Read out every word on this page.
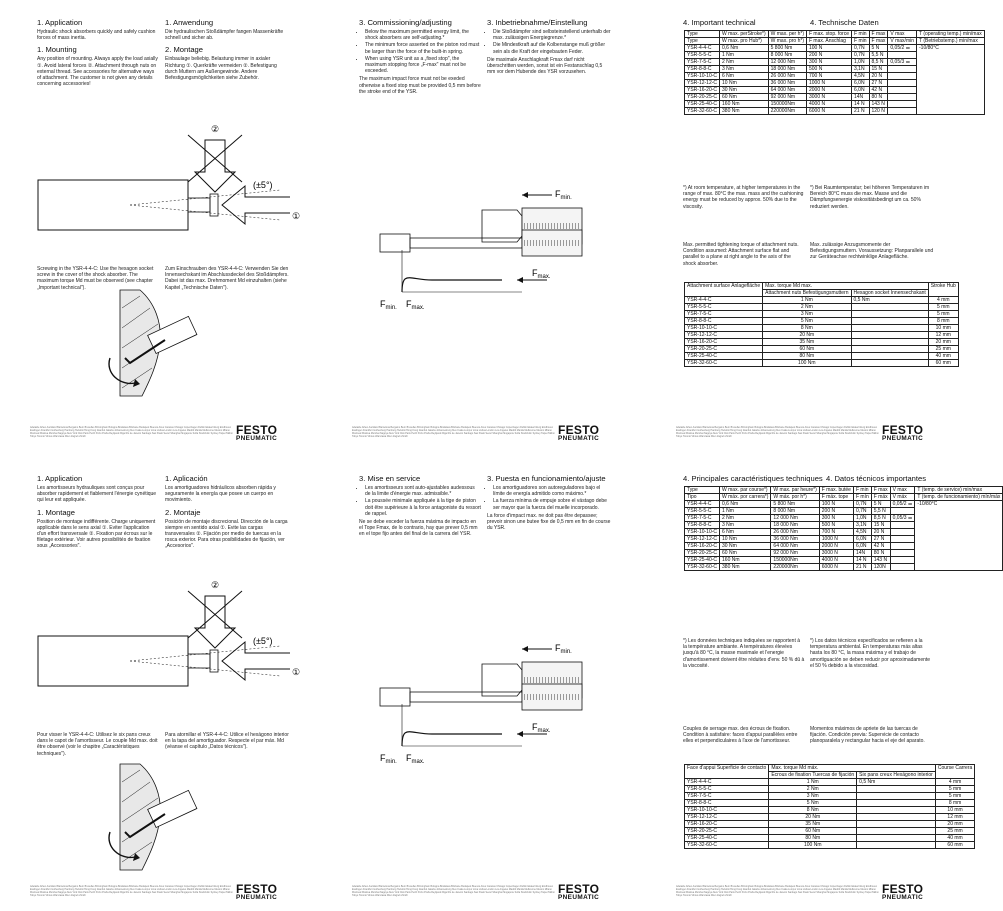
1. Application

Hydraulic shock absorbers quickly and safely cushion forces of mass inertia.

1. Mounting

Any position of mounting. Always apply the load axially ①. Avoid lateral forces ②. Attachment through nuts on external thread. See accessories for alternative ways of attachment. The customer is not given any details concerning accessories!

1. Anwendung

Die hydraulischen Stoßdämpfer fangen Massenkräfte schnell und sicher ab.

2. Montage

Einbaulage beliebig. Belastung immer in axialer Richtung ①. Querkräfte vermeiden ②. Befestigung durch Muttern am Außengewinde. Andere Befestigungsmöglichkeiten siehe Zubehör.

②
(±5°)
①

Screwing in the YSR-4-4-C: Use the hexagon socket screw in the cover of the shock absorber. The maximum torque Md must be observed (see chapter „Important technical").

Zum Einschrauben des YSR-4-4-C: Verwenden Sie den Innensechskant im Abschlussdeckel des Stoßdämpfers. Dabei ist das max. Drehmoment Md einzuhalten (siehe Kapitel „Technische Daten").

Adelaide Athen Auckland Barcelona Bergamo Bern Bruxelles Birmingham Bologna Bratislava Brisbane Budapest Buenos Aires Caracas Chicago Copenhagen Dublin Ekaterinburg Eindhoven Esslingen Frankfurt Gothenburg Hamburg Helsinki Hong Kong Istanbul Jakarta Johannesburg Kiev Kuala Lumpur Lima Lisboa London Los Angeles Madrid Manila Melbourne Mexico Milano Montreal Moskva Mumbai Nagoya New York Oslo Paris Perth Porto Praha Reykjavik Riga Rio de Janeiro Santiago Sao Paulo Seoul Shanghai Singapore Sofia Stockholm Sydney Taipei Tallinn Tokyo Toronto Vilnius Warszawa Wien Zagreb Zürich	FESTO
PNEUMATIC
3. Commissioning/adjusting
• Below the maximum permitted energy limit, the shock absorbers are self-adjusting.*
• The minimum force asserted on the piston rod must be larger than the force of the built-in spring.
• When using YSR unit as a „fixed stop", the maximum stopping force „F-max" must not be exceeded.

The maximum impact force must not be exeded otherwise a fixed stop must be provided 0,5 mm before the stroke end of the YSR.

3. Inbetriebnahme/Einstellung
• Die Stoßdämpfer sind selbsteinstellend unterhalb der max. zulässigen Energiegrenze.*
• Die Mindestkraft auf die Kolbenstange muß größer sein als die Kraft der eingebauten Feder.

Die maximale Anschlagkraft Fmax darf nicht überschritten werden, sonst ist ein Festanschlag 0,5 mm vor dem Hubende des YSR vorzusehen.

$F_{min.}$
$F_{max.}$
$F_{min.}$ $F_{max.}$
Adelaide Athen Auckland Barcelona Bergamo Bern Bruxelles Birmingham Bologna Bratislava Brisbane Budapest Buenos Aires Caracas Chicago Copenhagen Dublin Ekaterinburg Eindhoven Esslingen Frankfurt Gothenburg Hamburg Helsinki Hong Kong Istanbul Jakarta Johannesburg Kiev Kuala Lumpur Lima Lisboa London Los Angeles Madrid Manila Melbourne Mexico Milano Montreal Moskva Mumbai Nagoya New York Oslo Paris Perth Porto Praha Reykjavik Riga Rio de Janeiro Santiago Sao Paulo Seoul Shanghai Singapore Sofia Stockholm Sydney Taipei Tallinn Tokyo Toronto Vilnius Warszawa Wien Zagreb Zürich	FESTO
PNEUMATIC
4. Important technical	4. Technische Daten
Type	W max. perStroke*)	W max. per h*)	F max. stop. force	F min	F max	V max	T (operating temp.) min/max
Type	W max. pro Hub*)	W max. pro h*)	F max. Anschlag	F min	F max	V max/min	T (Betriebstemp.) min/max
YSR-4-4-C	0,6 Nm	5 800 Nm	100 N	0,7N	5 N	0,05/2 ⚌	-10/80°C
YSR-5-5-C	1 Nm	8 000 Nm	200 N	0,7N	5,5 N		
YSR-7-5-C	2 Nm	12 000 Nm	300 N	1,0N	8,5 N	0,05/3 ⚌	
YSR-8-8-C	3 Nm	18 000 Nm	500 N	3,1N	15 N		
YSR-10-10-C	6 Nm	26 000 Nm	700 N	4,5N	20 N		
YSR-12-12-C	10 Nm	36 000 Nm	1000 N	6,0N	27 N		
YSR-16-20-C	30 Nm	64 000 Nm	2000 N	6,0N	42 N		
YSR-20-25-C	60 Nm	92 000 Nm	3000 N	14N	80 N		
YSR-25-40-C	160 Nm	150000Nm	4000 N	14 N	143 N		
YSR-32-60-C	380 Nm	220000Nm	6000 N	21 N	120 N		
*) At room temperature, at higher temperatures in the range of max. 80°C the max. mass and the cushioning energy must be reduced by approx. 50% due to the viscosity.
*) Bei Raumtemperatur; bei höheren Temperaturen im Bereich 80°C muss die max. Masse und die Dämpfungsenergie viskositätsbedingt um ca. 50% reduziert werden.
Max. permitted tightening torque of attachment nuts. Condition assumed: Attachment surface flat and parallel to a plane at right angle to the axis of the shock absorber.
Max. zulässige Anzugsmomente der Befestigungsmuttern. Voraussetzung: Planparallele und zur Geräteachse rechtwinklige Anlagefläche.
Attachment surface Anlagefläche	Max. torque Md max.		Stroke Hub
	Attachment nuts Befestigungsmuttern	Hexagon socket Innensechskant	
YSR-4-4-C	1 Nm	0,5 Nm	4 mm
YSR-5-5-C	2 Nm		5 mm
YSR-7-5-C	3 Nm		5 mm
YSR-8-8-C	5 Nm		8 mm
YSR-10-10-C	8 Nm		10 mm
YSR-12-12-C	20 Nm		12 mm
YSR-16-20-C	35 Nm		20 mm
YSR-20-25-C	60 Nm		25 mm
YSR-25-40-C	80 Nm		40 mm
YSR-32-60-C	100 Nm		60 mm
Adelaide Athen Auckland Barcelona Bergamo Bern Bruxelles Birmingham Bologna Bratislava Brisbane Budapest Buenos Aires Caracas Chicago Copenhagen Dublin Ekaterinburg Eindhoven Esslingen Frankfurt Gothenburg Hamburg Helsinki Hong Kong Istanbul Jakarta Johannesburg Kiev Kuala Lumpur Lima Lisboa London Los Angeles Madrid Manila Melbourne Mexico Milano Montreal Moskva Mumbai Nagoya New York Oslo Paris Perth Porto Praha Reykjavik Riga Rio de Janeiro Santiago Sao Paulo Seoul Shanghai Singapore Sofia Stockholm Sydney Taipei Tallinn Tokyo Toronto Vilnius Warszawa Wien Zagreb Zürich	FESTO
PNEUMATIC
1. Application

Les amortisseurs hydrauliques sont conçus pour absorber rapidement et fiablement l'énergie cynétique qui leur est appliquée.

1. Montage

Position de montage indifférente. Charge uniquement applicable dans le sens axial ①. Eviter l'application d'un effort transversale ②. Fixation par écrous sur le filetage extérieur. Voir autres possibilités de fixation sous „Accessories".

1. Aplicación

Los amortiguadores hidráulicos absorben rápida y seguramente la energía que posee un cuerpo en movimiento.

2. Montaje

Posición de montaje discrecional. Dirección de la carga siempre en sentido axial ①. Evite las cargas transversales ②. Fijación por medio de tuercas en la rosca exterior. Para otras posibilidades de fijación, ver „Accesorios".

②
(±5°)
①

Pour visser le YSR-4-4-C: Utilisez le six pans creux dans le capot de l'amortisseur. Le couple Md max. doit être observé (voir le chapitre „Caractéristiques techniques").

Para atornillar el YSR-4-4-C: Utilice el hexágono interior en la tapa del amortiguador. Respecte el par máx. Md (véanse el capítulo „Datos técnicos").

Adelaide Athen Auckland Barcelona Bergamo Bern Bruxelles Birmingham Bologna Bratislava Brisbane Budapest Buenos Aires Caracas Chicago Copenhagen Dublin Ekaterinburg Eindhoven Esslingen Frankfurt Gothenburg Hamburg Helsinki Hong Kong Istanbul Jakarta Johannesburg Kiev Kuala Lumpur Lima Lisboa London Los Angeles Madrid Manila Melbourne Mexico Milano Montreal Moskva Mumbai Nagoya New York Oslo Paris Perth Porto Praha Reykjavik Riga Rio de Janeiro Santiago Sao Paulo Seoul Shanghai Singapore Sofia Stockholm Sydney Taipei Tallinn Tokyo Toronto Vilnius Warszawa Wien Zagreb Zürich	FESTO
PNEUMATIC
3. Mise en service
• Les amortisseurs sont auto-ajustables audessous de la limite d'énergie max. admissible.*
• La poussée minimale appliquée à la tige de piston doit être supérieure à la force antagoniste du ressort de rappel.

Ne se debe exceder la fuerza máxima de impacto en el Tope Fmax, de lo contrario, hay que prever 0,5 mm en el tope fijo antes del final de la carrera del YSR.

3. Puesta en funcionamiento/ajuste
• Los amortiguadores son autoreguladores bajo el límite de energía admitido como máximo.*
• La fuerza mínima de empuje sobre el vástago debe ser mayor que la fuerza del muelle incorporado.

La force d'impact max. ne doit pas être depassee; prevoir sinon une butee fixe de 0,5 mm en fin de course du YSR.

$F_{min.}$
$F_{max.}$
$F_{min.}$ $F_{max.}$
Adelaide Athen Auckland Barcelona Bergamo Bern Bruxelles Birmingham Bologna Bratislava Brisbane Budapest Buenos Aires Caracas Chicago Copenhagen Dublin Ekaterinburg Eindhoven Esslingen Frankfurt Gothenburg Hamburg Helsinki Hong Kong Istanbul Jakarta Johannesburg Kiev Kuala Lumpur Lima Lisboa London Los Angeles Madrid Manila Melbourne Mexico Milano Montreal Moskva Mumbai Nagoya New York Oslo Paris Perth Porto Praha Reykjavik Riga Rio de Janeiro Santiago Sao Paulo Seoul Shanghai Singapore Sofia Stockholm Sydney Taipei Tallinn Tokyo Toronto Vilnius Warszawa Wien Zagreb Zürich	FESTO
PNEUMATIC
4. Principales caractéristiques techniques 4. Datos técnicos importantes
Type	W max. par course*)	W max. par heure*)	F max. butée	F min	F max	V max	T (temp. de service) min/max
Tipo	W máx. por carrera*)	W máx. por h*)	F máx. tope	F mín	F máx	V máx	T (temp. de funcionamiento) mín/máx
YSR-4-4-C	0,6 Nm	5 800 Nm	100 N	0,7N	5 N	0,05/2 ⚌	-10/80°C
YSR-5-5-C	1 Nm	8 000 Nm	200 N	0,7N	5,5 N		
YSR-7-5-C	2 Nm	12 000 Nm	300 N	1,0N	8,5 N	0,05/3 ⚌	
YSR-8-8-C	3 Nm	18 000 Nm	500 N	3,1N	15 N		
YSR-10-10-C	6 Nm	26 000 Nm	700 N	4,5N	20 N		
YSR-12-12-C	10 Nm	36 000 Nm	1000 N	6,0N	27 N		
YSR-16-20-C	30 Nm	64 000 Nm	2000 N	6,0N	42 N		
YSR-20-25-C	60 Nm	92 000 Nm	3000 N	14N	80 N		
YSR-25-40-C	160 Nm	150000Nm	4000 N	14 N	143 N		
YSR-32-60-C	380 Nm	220000Nm	6000 N	21 N	120N		
*) Les données techniques indiquées se rapportent à la température ambiante. A températures élevées jusqu'à 80 °C, la masse maximale et l'energie d'amortissement doivent être réduites d'env. 50 % dû à la viscosité.
*) Los datos técnicos especificados se refieren a la temperatura ambiental. En temperaturas más altas hasta los 80 °C, la masa máxima y el trabajo de amortiguación se deben reducir por aproximadamente el 50 % debido a la viscosidad.
Couples de serrage max. des écrous de fixation. Condition à satisfaire: faces d'appui parallèles entre elles et perpendiculaires à l'axe de l'amortisseur.
Momentos máximos de apriete de las tuercas de fijación. Condición previa: Supervicie de contacto planoparalela y rectangular hacia el eje del aparato.
Face d'appui Superficie de contacto	Max. torque Md máx.		Course Carrera
	Ecrous de fixation Tuercas de fijación	Six pans creux Hexágono interior	
YSR-4-4-C	1 Nm	0,5 Nm	4 mm
YSR-5-5-C	2 Nm		5 mm
YSR-7-5-C	3 Nm		5 mm
YSR-8-8-C	5 Nm		8 mm
YSR-10-10-C	8 Nm		10 mm
YSR-12-12-C	20 Nm		12 mm
YSR-16-20-C	35 Nm		20 mm
YSR-20-25-C	60 Nm		25 mm
YSR-25-40-C	80 Nm		40 mm
YSR-32-60-C	100 Nm		60 mm
Adelaide Athen Auckland Barcelona Bergamo Bern Bruxelles Birmingham Bologna Bratislava Brisbane Budapest Buenos Aires Caracas Chicago Copenhagen Dublin Ekaterinburg Eindhoven Esslingen Frankfurt Gothenburg Hamburg Helsinki Hong Kong Istanbul Jakarta Johannesburg Kiev Kuala Lumpur Lima Lisboa London Los Angeles Madrid Manila Melbourne Mexico Milano Montreal Moskva Mumbai Nagoya New York Oslo Paris Perth Porto Praha Reykjavik Riga Rio de Janeiro Santiago Sao Paulo Seoul Shanghai Singapore Sofia Stockholm Sydney Taipei Tallinn Tokyo Toronto Vilnius Warszawa Wien Zagreb Zürich	FESTO
PNEUMATIC
